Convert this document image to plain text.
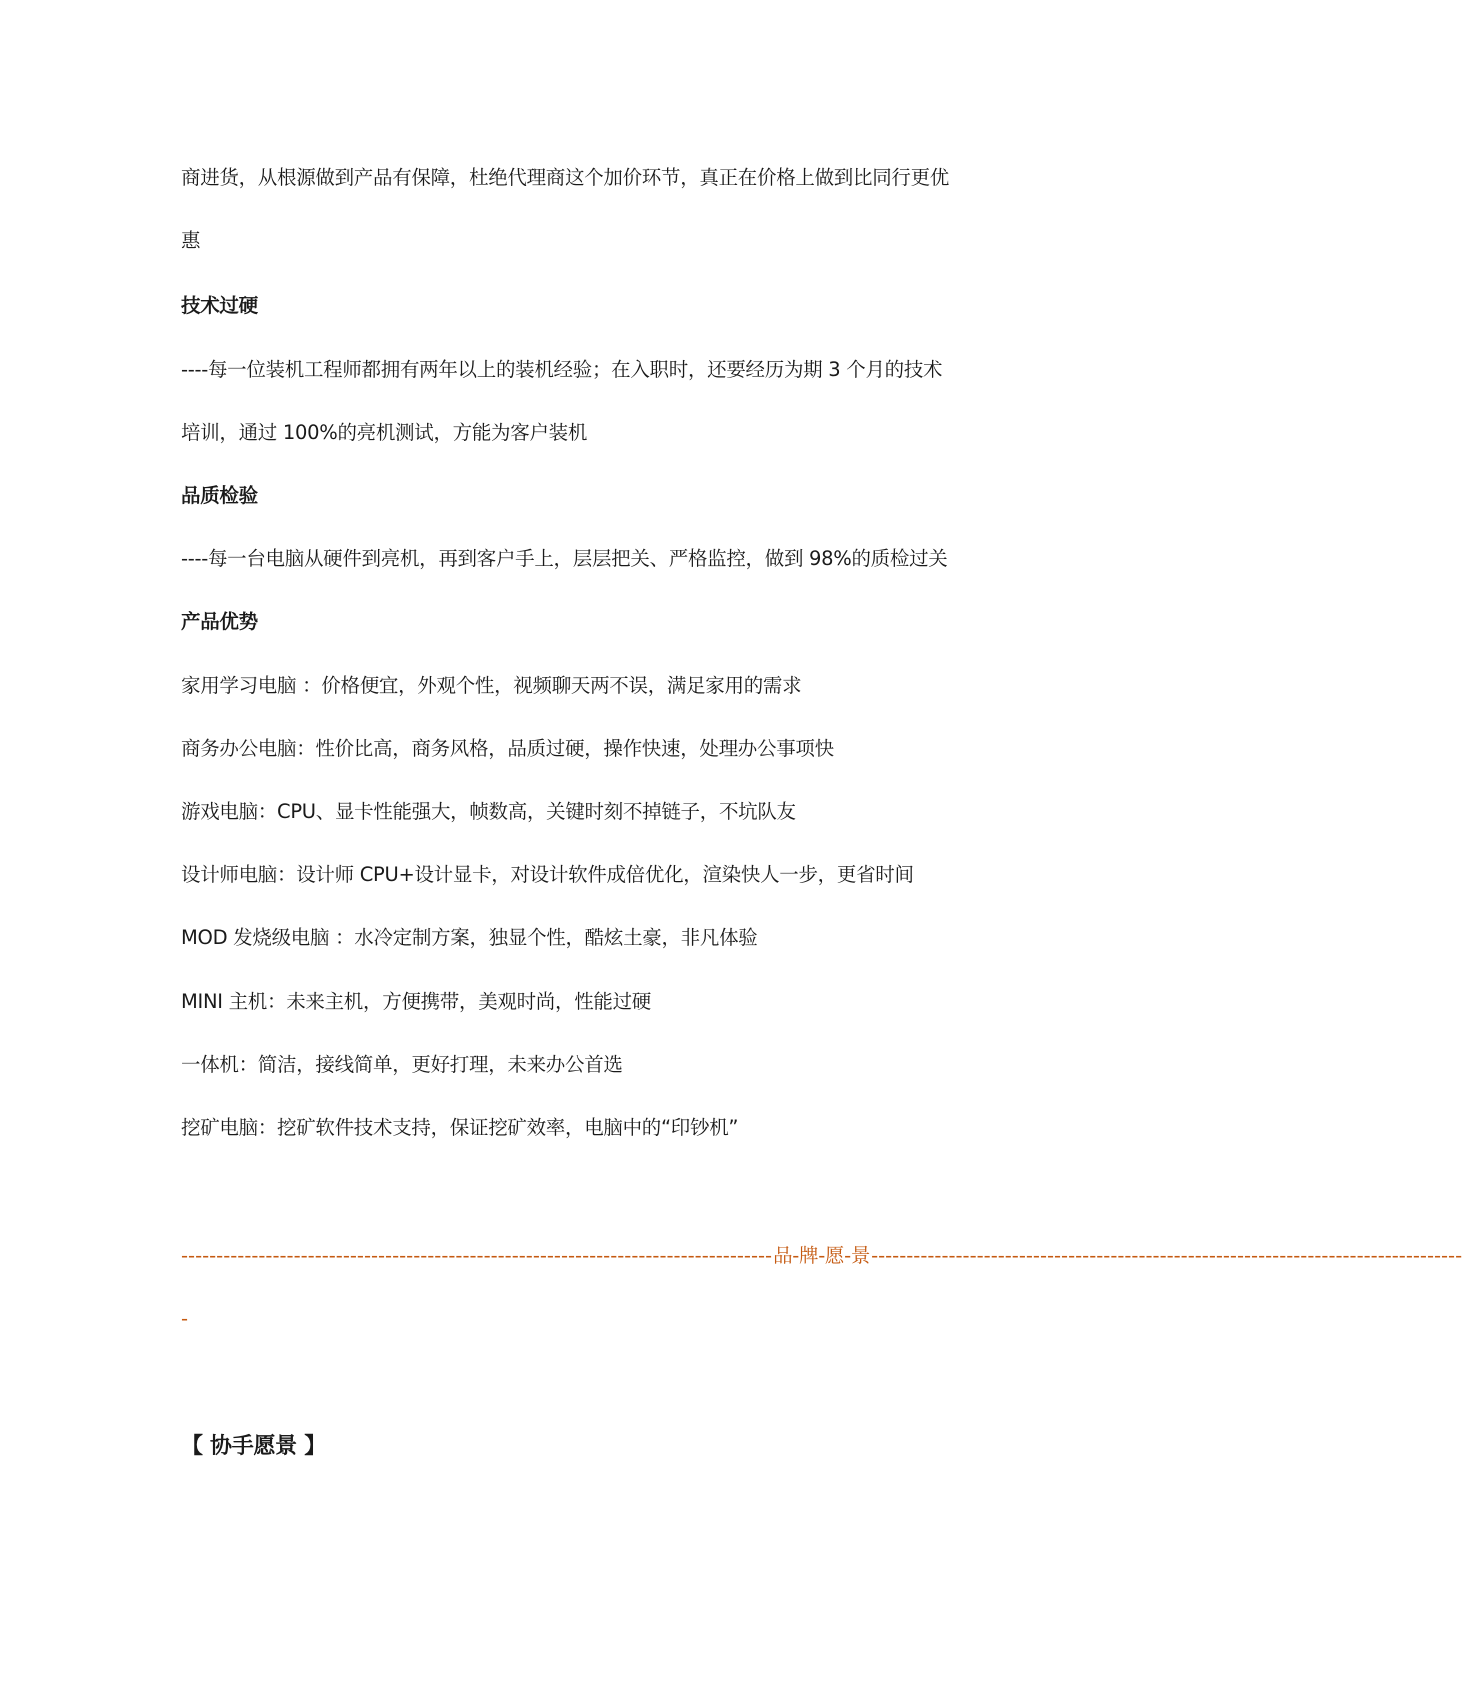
商进货，从根源做到产品有保障，杜绝代理商这个加价环节，真正在价格上做到比同行更优
惠
技术过硬
----每一位装机工程师都拥有两年以上的装机经验；在入职时，还要经历为期 3 个月的技术
培训，通过 100%的亮机测试，方能为客户装机
品质检验
----每一台电脑从硬件到亮机，再到客户手上，层层把关、严格监控，做到 98%的质检过关
产品优势
家用学习电脑 ：价格便宜，外观个性，视频聊天两不误，满足家用的需求
商务办公电脑：性价比高，商务风格，品质过硬，操作快速，处理办公事项快
游戏电脑：CPU、显卡性能强大，帧数高，关键时刻不掉链子，不坑队友
设计师电脑：设计师 CPU+设计显卡，对设计软件成倍优化，渲染快人一步，更省时间
MOD 发烧级电脑 ：水冷定制方案，独显个性，酷炫土豪，非凡体验
MINI 主机：未来主机，方便携带，美观时尚，性能过硬
一体机：简洁，接线简单，更好打理，未来办公首选
挖矿电脑：挖矿软件技术支持，保证挖矿效率，电脑中的“印钞机”
------------------------------------------------------------------------------------ 品-牌-愿-景 ------------------------------------------------------------------------------------
-
【 协手愿景 】
